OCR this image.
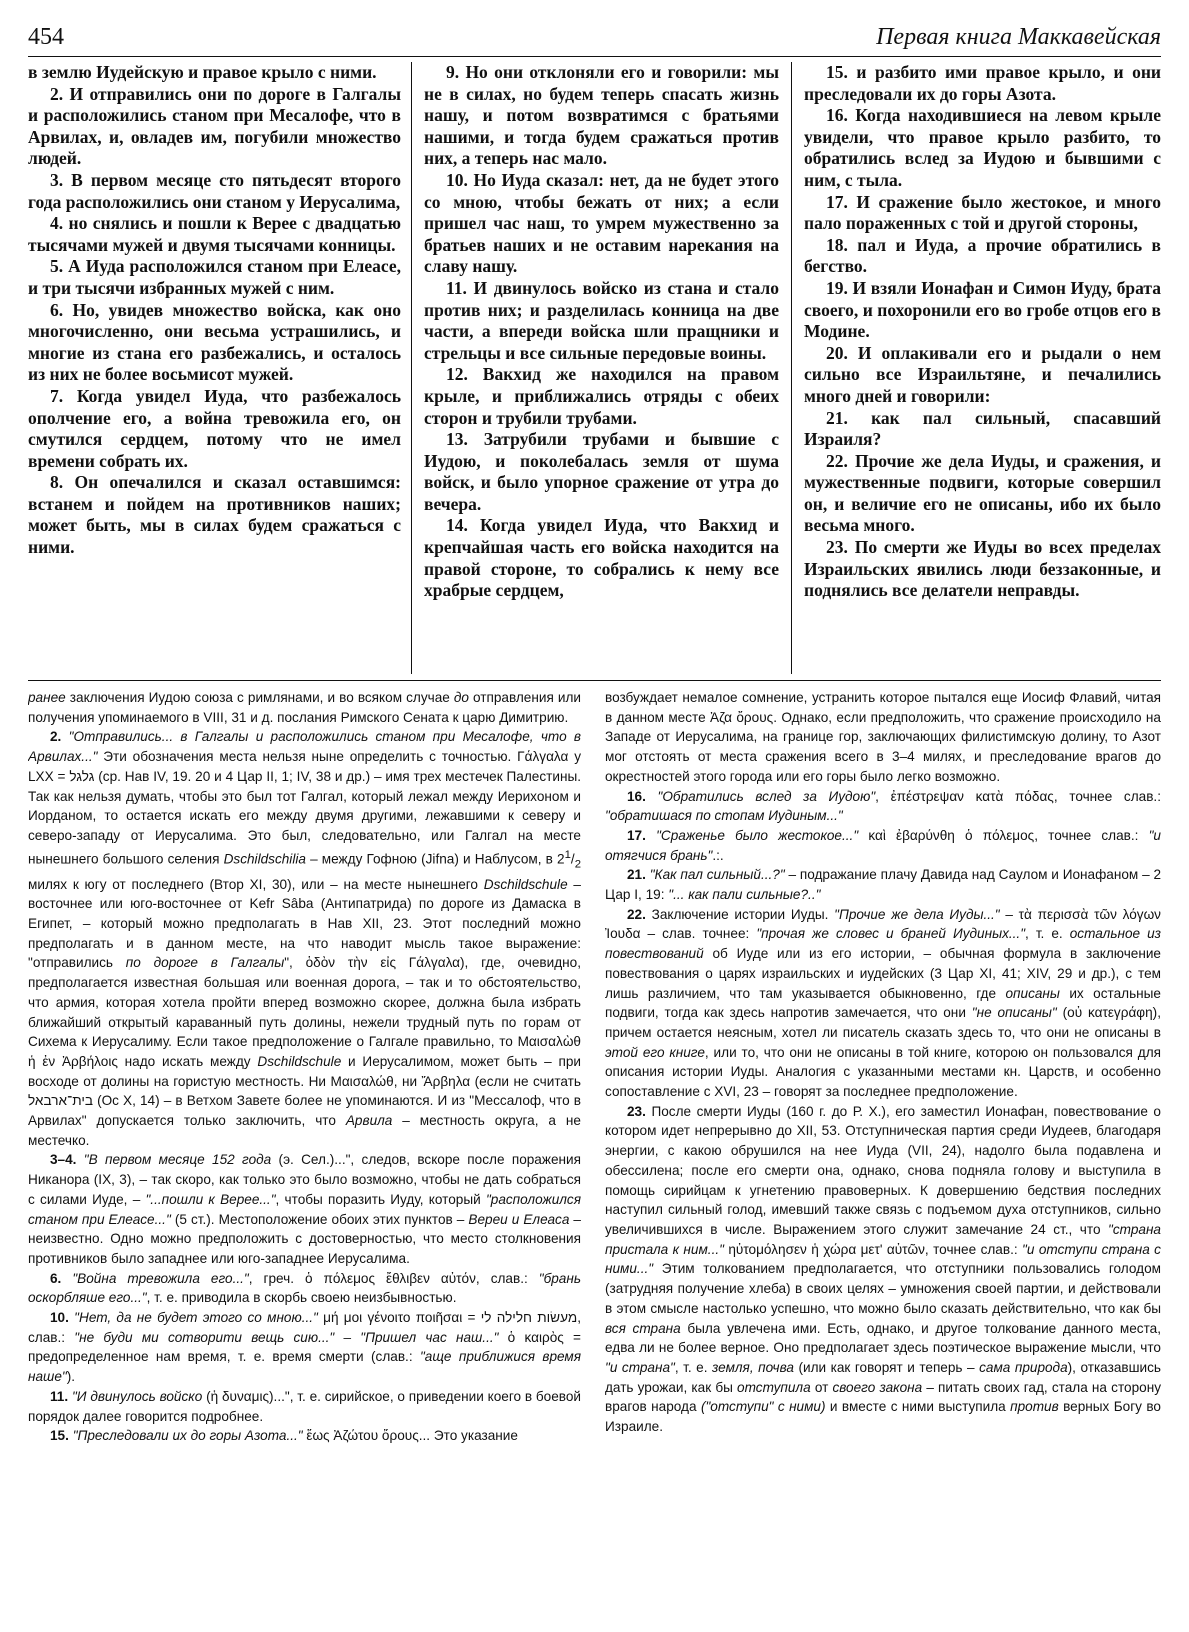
454	Первая книга Маккавейская

в землю Иудейскую и правое крыло с ними.

2. И отправились они по дороге в Галгалы и расположились станом при Месалофе, что в Арвилах, и, овладев им, погубили множество людей.

3. В первом месяце сто пятьдесят второго года расположились они станом у Иерусалима,

4. но снялись и пошли к Верее с двадцатью тысячами мужей и двумя тысячами конницы.

5. А Иуда расположился станом при Елеасе, и три тысячи избранных мужей с ним.

6. Но, увидев множество войска, как оно многочисленно, они весьма устрашились, и многие из стана его разбежались, и осталось из них не более восьмисот мужей.

7. Когда увидел Иуда, что разбежалось ополчение его, а война тревожила его, он смутился сердцем, потому что не имел времени собрать их.

8. Он опечалился и сказал оставшимся: встанем и пойдем на противников наших; может быть, мы в силах будем сражаться с ними.

9. Но они отклоняли его и говорили: мы не в силах, но будем теперь спасать жизнь нашу, и потом возвратимся с братьями нашими, и тогда будем сражаться против них, а теперь нас мало.

10. Но Иуда сказал: нет, да не будет этого со мною, чтобы бежать от них; а если пришел час наш, то умрем мужественно за братьев наших и не оставим нарекания на славу нашу.

11. И двинулось войско из стана и стало против них; и разделилась конница на две части, а впереди войска шли пращники и стрельцы и все сильные передовые воины.

12. Вакхид же находился на правом крыле, и приближались отряды с обеих сторон и трубили трубами.

13. Затрубили трубами и бывшие с Иудою, и поколебалась земля от шума войск, и было упорное сражение от утра до вечера.

14. Когда увидел Иуда, что Вакхид и крепчайшая часть его войска находится на правой стороне, то собрались к нему все храбрые сердцем,

15. и разбито ими правое крыло, и они преследовали их до горы Азота.

16. Когда находившиеся на левом крыле увидели, что правое крыло разбито, то обратились вслед за Иудою и бывшими с ним, с тыла.

17. И сражение было жестокое, и много пало пораженных с той и другой стороны,

18. пал и Иуда, а прочие обратились в бегство.

19. И взяли Ионафан и Симон Иуду, брата своего, и похоронили его во гробе отцов его в Модине.

20. И оплакивали его и рыдали о нем сильно все Израильтяне, и печалились много дней и говорили:

21. как пал сильный, спасавший Израиля?

22. Прочие же дела Иуды, и сражения, и мужественные подвиги, которые совершил он, и величие его не описаны, ибо их было весьма много.

23. По смерти же Иуды во всех пределах Израильских явились люди беззаконные, и поднялись все делатели неправды.

ранее заключения Иудою союза с римлянами, и во всяком случае до отправления или получения упоминаемого в VIII, 31 и д. послания Римского Сената к царю Димитрию.

2. "Отправились... в Галгалы и расположились станом при Месалофе, что в Арвилах..." Эти обозначения места нельзя ныне определить с точностью. Γάλγαλα у LXX = גלגל (ср. Нав IV, 19. 20 и 4 Цар II, 1; IV, 38 и др.) – имя трех местечек Палестины. Так как нельзя думать, чтобы это был тот Галгал, который лежал между Иерихоном и Иорданом, то остается искать его между двумя другими, лежавшими к северу и северо-западу от Иерусалима. Это был, следовательно, или Галгал на месте нынешнего большого селения Dschildschilia – между Гофною (Jifna) и Наблусом, в $2^1/_2$ милях к югу от последнего (Втор XI, 30), или – на месте нынешнего Dschildschule – восточнее или юго-восточнее от Kefr Sâba (Антипатрида) по дороге из Дамаска в Египет, – который можно предполагать в Нав XII, 23. Этот последний можно предполагать и в данном месте, на что наводит мысль такое выражение: "отправились по дороге в Галгалы", ὁδὸν τὴν εἰς Γάλγαλα), где, очевидно, предполагается известная большая или военная дорога, – так и то обстоятельство, что армия, которая хотела пройти вперед возможно скорее, должна была избрать ближайший открытый караванный путь долины, нежели трудный путь по горам от Сихема к Иерусалиму. Если такое предположение о Галгале правильно, то Μαισαλὼθ ἡ ἐν Ἀρβήλοις надо искать между Dschildschule и Иерусалимом, может быть – при восходе от долины на гористую местность. Ни Μαισαλώθ, ни Ἄρβηλα (если не считать בית־ארבאל (Ос X, 14) – в Ветхом Завете более не упоминаются. И из "Мессалоф, что в Арвилах" допускается только заключить, что Арвила – местность округа, а не местечко.

3–4. "В первом месяце 152 года (э. Сел.)...", следов, вскоре после поражения Никанора (IX, 3), – так скоро, как только это было возможно, чтобы не дать собраться с силами Иуде, – "...пошли к Верее...", чтобы поразить Иуду, который "расположился станом при Елеасе..." (5 ст.). Местоположение обоих этих пунктов – Вереи и Елеаса – неизвестно. Одно можно предположить с достоверностью, что место столкновения противников было западнее или юго-западнее Иерусалима.

6. "Война тревожила его...", греч. ὁ πόλεμος ἔθλιβεν αὐτόν, слав.: "брань оскорбляше его...", т. е. приводила в скорбь своею неизбывностью.

10. "Нет, да не будет этого со мною..." μή μοι γένοιτο ποιῆσαι = מעשׂות חלילה לי, слав.: "не буди ми сотворити вещь сию..." – "Пришел час наш..." ὁ καιρὸς = предопределенное нам время, т. е. время смерти (слав.: "аще приближися время наше").

11. "И двинулось войско (ἡ δυναμις)...", т. е. сирийское, о приведении коего в боевой порядок далее говорится подробнее.

15. "Преследовали их до горы Азота..." ἕως Ἀζώτου ὄρους... Это указание

возбуждает немалое сомнение, устранить которое пытался еще Иосиф Флавий, читая в данном месте Ἀζα ὄρους. Однако, если предположить, что сражение происходило на Западе от Иерусалима, на границе гор, заключающих филистимскую долину, то Азот мог отстоять от места сражения всего в 3–4 милях, и преследование врагов до окрестностей этого города или его горы было легко возможно.

16. "Обратились вслед за Иудою", ἐπέστρεψαν κατὰ πόδας, точнее слав.: "обратишася по стопам Иудиным..."

17. "Сраженье было жестокое..." καὶ ἐβαρύνθη ὁ πόλεμος, точнее слав.: "и отягчися брань".:.

21. "Как пал сильный...?" – подражание плачу Давида над Саулом и Ионафаном – 2 Цар I, 19: "... как пали сильные?.."

22. Заключение истории Иуды. "Прочие же дела Иуды..." – τὰ περισσὰ τῶν λόγων Ἰουδα – слав. точнее: "прочая же словес и браней Иудиных...", т. е. остальное из повествований об Иуде или из его истории, – обычная формула в заключение повествования о царях израильских и иудейских (3 Цар XI, 41; XIV, 29 и др.), с тем лишь различием, что там указывается обыкновенно, где описаны их остальные подвиги, тогда как здесь напротив замечается, что они "не описаны" (οὐ κατεγράφη), причем остается неясным, хотел ли писатель сказать здесь то, что они не описаны в этой его книге, или то, что они не описаны в той книге, которою он пользовался для описания истории Иуды. Аналогия с указанными местами кн. Царств, и особенно сопоставление с XVI, 23 – говорят за последнее предположение.

23. После смерти Иуды (160 г. до Р. Х.), его заместил Ионафан, повествование о котором идет непрерывно до XII, 53. Отступническая партия среди Иудеев, благодаря энергии, с какою обрушился на нее Иуда (VII, 24), надолго была подавлена и обессилена; после его смерти она, однако, снова подняла голову и выступила в помощь сирийцам к угнетению правоверных. К довершению бедствия последних наступил сильный голод, имевший также связь с подъемом духа отступников, сильно увеличившихся в числе. Выражением этого служит замечание 24 ст., что "страна пристала к ним..." ηὐτομόλησεν ἡ χώρα μετ' αὐτῶν, точнее слав.: "и отступи страна с ними..." Этим толкованием предполагается, что отступники пользовались голодом (затрудняя получение хлеба) в своих целях – умножения своей партии, и действовали в этом смысле настолько успешно, что можно было сказать действительно, что как бы вся страна была увлечена ими. Есть, однако, и другое толкование данного места, едва ли не более верное. Оно предполагает здесь поэтическое выражение мысли, что "и страна", т. е. земля, почва (или как говорят и теперь – сама природа), отказавшись дать урожаи, как бы отступила от своего закона – питать своих гад, стала на сторону врагов народа ("отступи" с ними) и вместе с ними выступила против верных Богу во Израиле.
